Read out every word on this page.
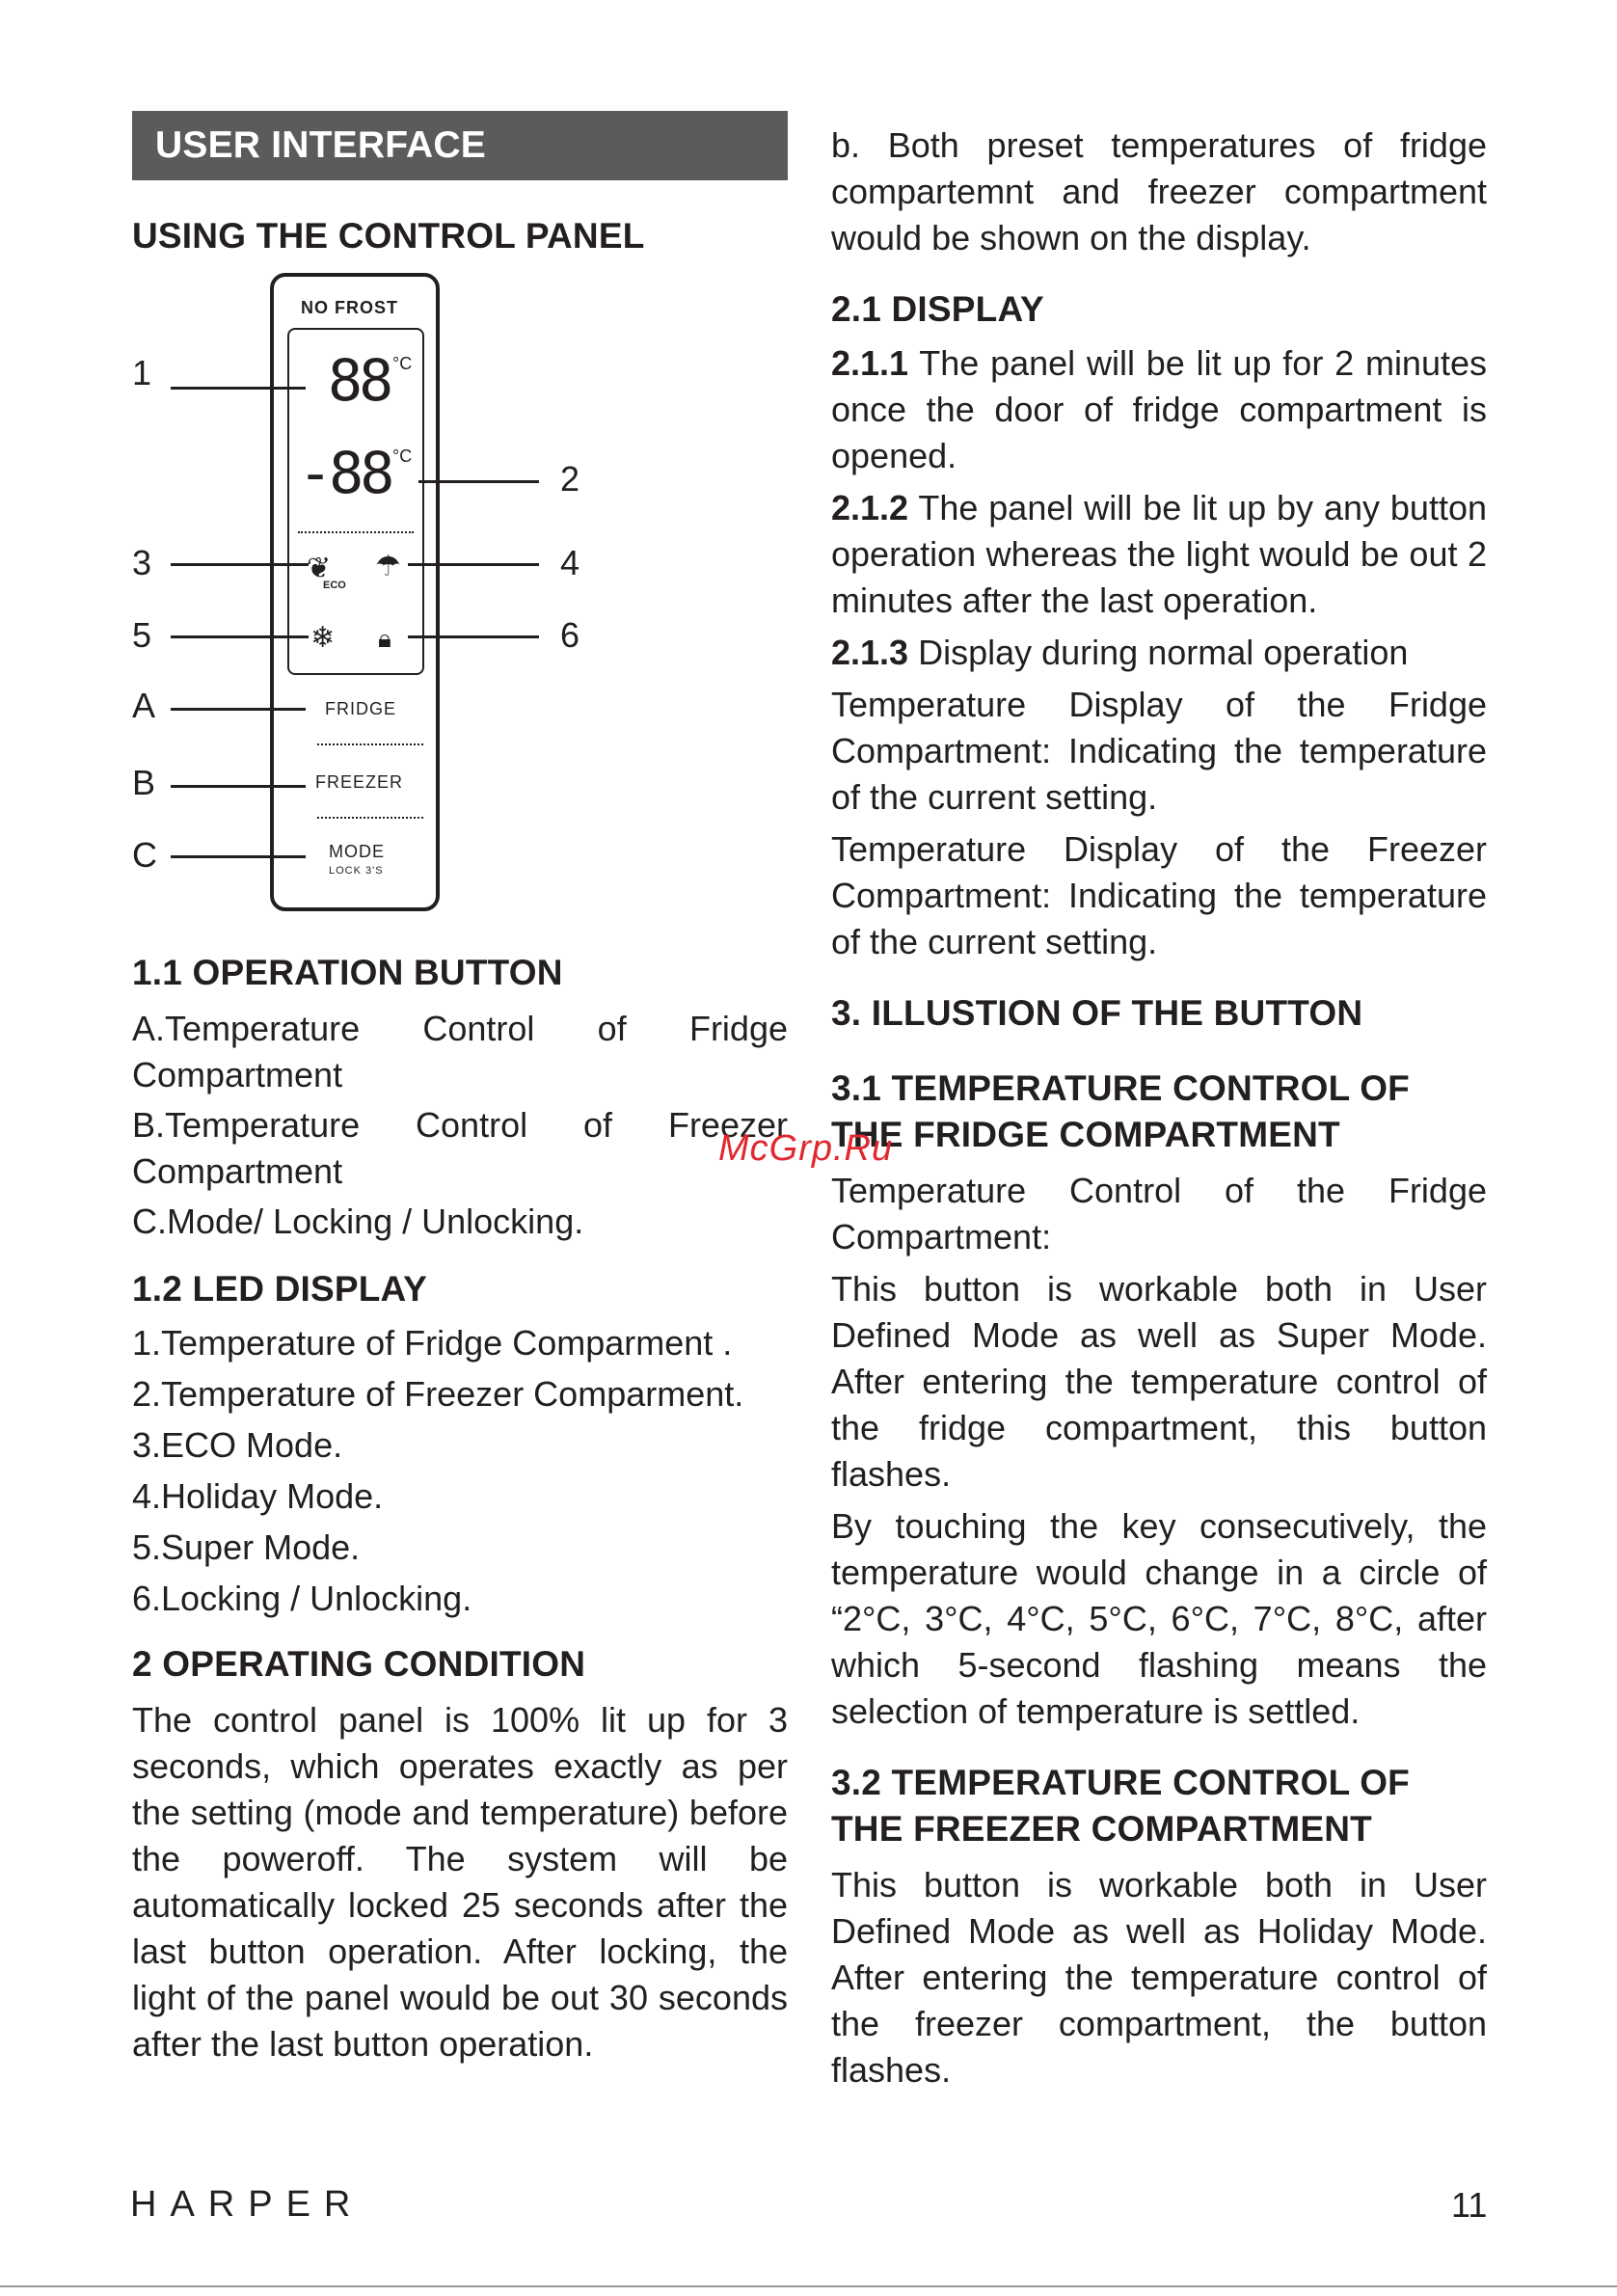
USER INTERFACE
USING THE CONTROL PANEL
NO FROST
88 °C
-88 °C
❦
ECO
☂
❄ 🔒︎
FRIDGE
FREEZER
MODE
LOCK 3'S
1
3
5
A
B
C
2
4
6
1.1 OPERATION BUTTON

A.Temperature Control of Fridge Compartment

B.Temperature Control of Freezer Compartment

C.Mode/ Locking / Unlocking.

1.2 LED DISPLAY

1.Temperature of Fridge Comparment .

2.Temperature of Freezer Comparment.

3.ECO Mode.

4.Holiday Mode.

5.Super Mode.

6.Locking / Unlocking.

2 OPERATING CONDITION

The control panel is 100% lit up for 3 seconds, which operates exactly as per the setting (mode and temperature) before the poweroff. The system will be automatically locked 25 seconds after the last button operation. After locking, the light of the panel would be out 30 seconds after the last button operation.

b. Both preset temperatures of fridge compartemnt and freezer compartment would be shown on the display.

2.1 DISPLAY

2.1.1 The panel will be lit up for 2 minutes once the door of fridge compartment is opened.

2.1.2 The panel will be lit up by any button operation whereas the light would be out 2 minutes after the last operation.

2.1.3 Display during normal operation

Temperature Display of the Fridge Compartment: Indicating the temperature of the current setting.

Temperature Display of the Freezer Compartment: Indicating the temperature of the current setting.

3. ILLUSTION OF THE BUTTON
3.1 TEMPERATURE CONTROL OF THE FRIDGE COMPARTMENT

Temperature Control of the Fridge Compartment:

This button is workable both in User Defined Mode as well as Super Mode. After entering the temperature control of the fridge compartment, this button flashes.

By touching the key consecutively, the temperature would change in a circle of “2°C, 3°C, 4°C, 5°C, 6°C, 7°C, 8°C, after which 5-second flashing means the selection of temperature is settled.

3.2 TEMPERATURE CONTROL OF THE FREEZER COMPARTMENT

This button is workable both in User Defined Mode as well as Holiday Mode. After entering the temperature control of the freezer compartment, the button flashes.

McGrp.Ru
HARPER	11
